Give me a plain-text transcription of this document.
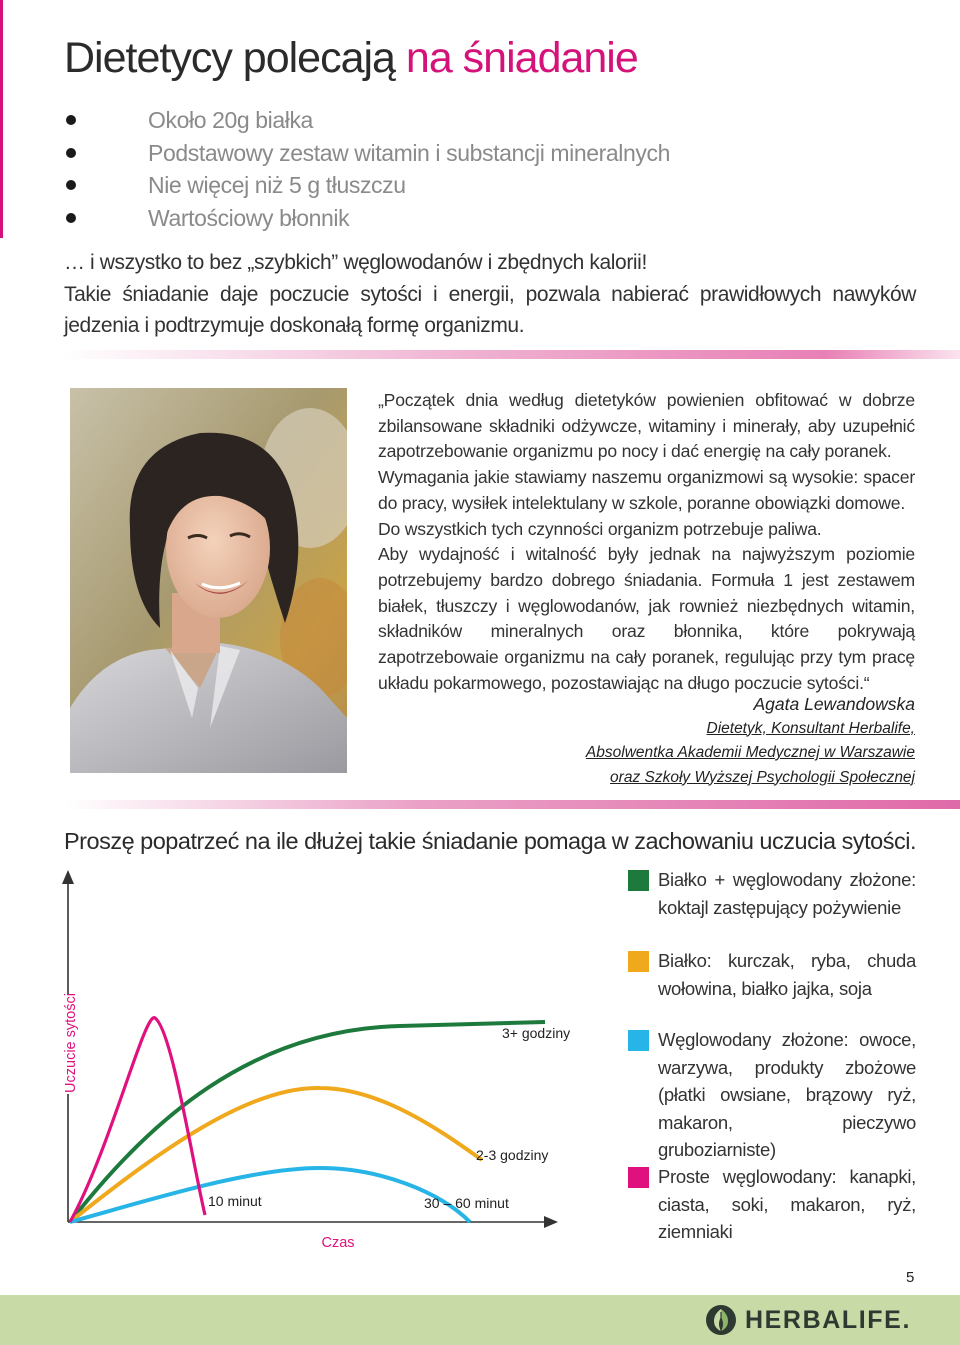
Dietetycy polecają na śniadanie
Około 20g białka
Podstawowy zestaw witamin i substancji mineralnych
Nie więcej niż 5 g tłuszczu
Wartościowy błonnik

… i wszystko to bez „szybkich” węglowodanów i zbędnych kalorii!

Takie śniadanie daje poczucie sytości i energii, pozwala nabierać prawidłowych nawyków jedzenia i podtrzymuje doskonałą formę organizmu.

„Początek dnia według dietetyków powienien obfitować w dobrze zbilansowane składniki odżywcze, witaminy i minerały, aby uzupełnić zapotrzebowanie organizmu po nocy i dać energię na cały poranek.

Wymagania jakie stawiamy naszemu organizmowi są wysokie: spacer do pracy, wysiłek intelektulany w szkole, poranne obowiązki domowe.

Do wszystkich tych czynności organizm potrzebuje paliwa.

Aby wydajność i witalność były jednak na najwyższym poziomie potrzebujemy bardzo dobrego śniadania. Formuła 1 jest zestawem białek, tłuszczy i węglowodanów, jak rownież niezbędnych witamin, składników mineralnych oraz błonnika, które pokrywają zapotrzebowaie organizmu na cały poranek, regulując przy tym pracę układu pokarmowego, pozostawiając na długo poczucie sytości.“

Agata Lewandowska
Dietetyk, Konsultant Herbalife,
Absolwentka Akademii Medycznej w Warszawie
oraz Szkoły Wyższej Psychologii Społecznej
Proszę popatrzeć na ile dłużej takie śniadanie pomaga w zachowaniu uczucia sytości.
Uczucie sytości
Czas
3+ godziny
2-3 godziny
10 minut	30 – 60 minut
Białko + węglowodany złożone: koktajl zastępujący pożywienie
Białko: kurczak, ryba, chuda wołowina, białko jajka, soja
Węglowodany złożone: owoce, warzywa, produkty zbożowe (płatki owsiane, brązowy ryż, makaron, pieczywo gruboziarniste)
Proste węglowodany: kanapki, ciasta, soki, makaron, ryż, ziemniaki
5
HERBALIFE.
